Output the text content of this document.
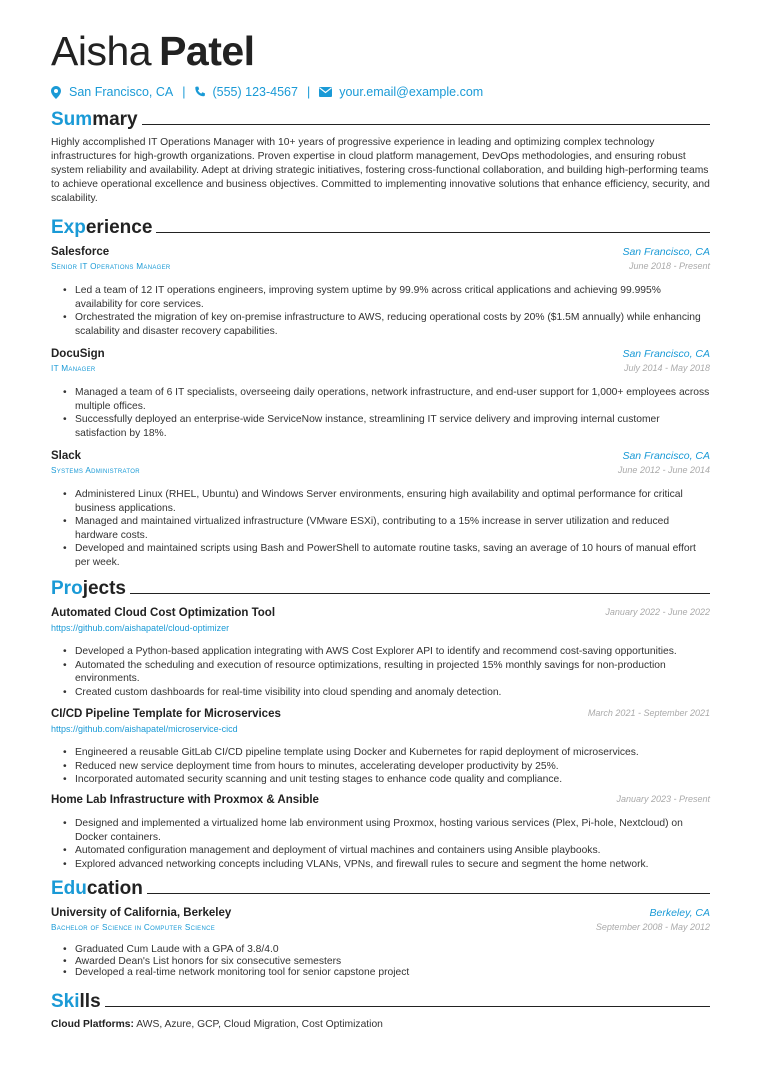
Aisha Patel
San Francisco, CA | (555) 123-4567 | your.email@example.com
Summary
Highly accomplished IT Operations Manager with 10+ years of progressive experience in leading and optimizing complex technology infrastructures for high-growth organizations. Proven expertise in cloud platform management, DevOps methodologies, and ensuring robust system reliability and availability. Adept at driving strategic initiatives, fostering cross-functional collaboration, and building high-performing teams to achieve operational excellence and business objectives. Committed to implementing innovative solutions that enhance efficiency, security, and scalability.
Experience
Salesforce	San Francisco, CA
Senior IT Operations Manager	June 2018 - Present
• Led a team of 12 IT operations engineers, improving system uptime by 99.9% across critical applications and achieving 99.995% availability for core services.
• Orchestrated the migration of key on-premise infrastructure to AWS, reducing operational costs by 20% ($1.5M annually) while enhancing scalability and disaster recovery capabilities.
DocuSign	San Francisco, CA
IT Manager	July 2014 - May 2018
• Managed a team of 6 IT specialists, overseeing daily operations, network infrastructure, and end-user support for 1,000+ employees across multiple offices.
• Successfully deployed an enterprise-wide ServiceNow instance, streamlining IT service delivery and improving internal customer satisfaction by 18%.
Slack	San Francisco, CA
Systems Administrator	June 2012 - June 2014
• Administered Linux (RHEL, Ubuntu) and Windows Server environments, ensuring high availability and optimal performance for critical business applications.
• Managed and maintained virtualized infrastructure (VMware ESXi), contributing to a 15% increase in server utilization and reduced hardware costs.
• Developed and maintained scripts using Bash and PowerShell to automate routine tasks, saving an average of 10 hours of manual effort per week.
Projects
Automated Cloud Cost Optimization Tool	January 2022 - June 2022
https://github.com/aishapatel/cloud-optimizer
• Developed a Python-based application integrating with AWS Cost Explorer API to identify and recommend cost-saving opportunities.
• Automated the scheduling and execution of resource optimizations, resulting in projected 15% monthly savings for non-production environments.
• Created custom dashboards for real-time visibility into cloud spending and anomaly detection.
CI/CD Pipeline Template for Microservices	March 2021 - September 2021
https://github.com/aishapatel/microservice-cicd
• Engineered a reusable GitLab CI/CD pipeline template using Docker and Kubernetes for rapid deployment of microservices.
• Reduced new service deployment time from hours to minutes, accelerating developer productivity by 25%.
• Incorporated automated security scanning and unit testing stages to enhance code quality and compliance.
Home Lab Infrastructure with Proxmox & Ansible	January 2023 - Present
• Designed and implemented a virtualized home lab environment using Proxmox, hosting various services (Plex, Pi-hole, Nextcloud) on Docker containers.
• Automated configuration management and deployment of virtual machines and containers using Ansible playbooks.
• Explored advanced networking concepts including VLANs, VPNs, and firewall rules to secure and segment the home network.
Education
University of California, Berkeley	Berkeley, CA
Bachelor of Science in Computer Science	September 2008 - May 2012
• Graduated Cum Laude with a GPA of 3.8/4.0
• Awarded Dean's List honors for six consecutive semesters
• Developed a real-time network monitoring tool for senior capstone project
Skills
Cloud Platforms: AWS, Azure, GCP, Cloud Migration, Cost Optimization
